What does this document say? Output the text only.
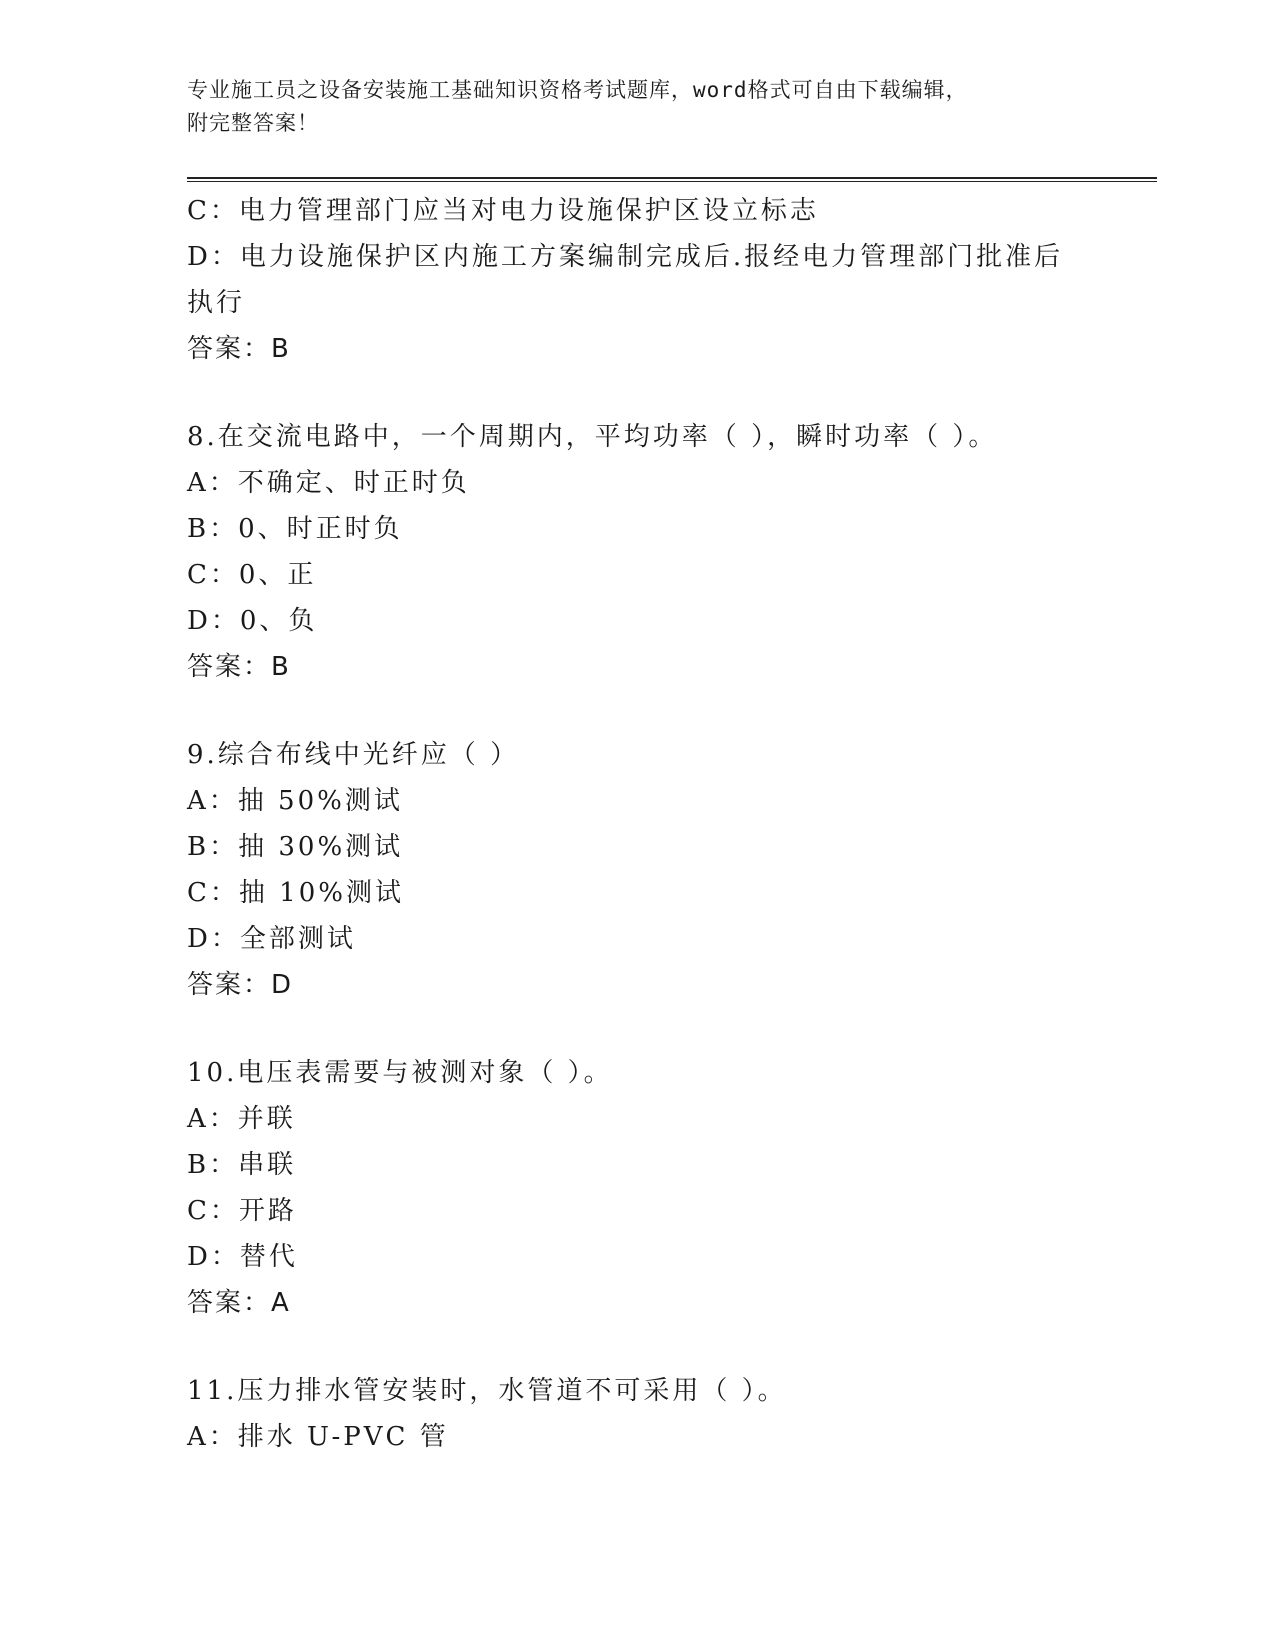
专业施工员之设备安装施工基础知识资格考试题库，word格式可自由下载编辑，
附完整答案！
C：电力管理部门应当对电力设施保护区设立标志
D：电力设施保护区内施工方案编制完成后.报经电力管理部门批准后
执行
答案：B
8.在交流电路中，一个周期内，平均功率（ ），瞬时功率（ ）。
A：不确定、时正时负
B：0、时正时负
C：0、正
D：0、负
答案：B
9.综合布线中光纤应（ ）
A：抽 50%测试
B：抽 30%测试
C：抽 10%测试
D：全部测试
答案：D
10.电压表需要与被测对象（ ）。
A：并联
B：串联
C：开路
D：替代
答案：A
11.压力排水管安装时，水管道不可采用（ ）。
A：排水 U-PVC 管
